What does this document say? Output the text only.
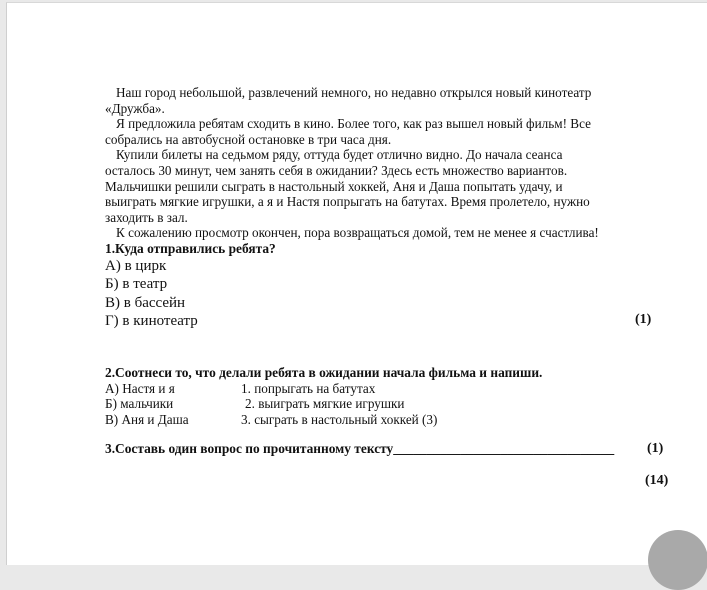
Наш город небольшой, развлечений немного, но недавно открылся новый кинотеатр

«Дружба».

Я предложила ребятам сходить в кино. Более того, как раз вышел новый фильм! Все

собрались на автобусной остановке в три часа дня.

Купили билеты на седьмом ряду, оттуда будет отлично видно. До начала сеанса

осталось 30 минут, чем занять себя в ожидании? Здесь есть множество вариантов.

Мальчишки решили сыграть в настольный хоккей, Аня и Даша попытать удачу, и

выиграть мягкие игрушки, а я и Настя попрыгать на батутах. Время пролетело, нужно

заходить в зал.

К сожалению просмотр окончен, пора возвращаться домой, тем не менее я счастлива!

1.Куда отправились ребята?

А) в цирк

Б) в театр

В) в бассейн

Г) в кинотеатр	(1)

2.Соотнеси то, что делали ребята в ожидании начала фильма и напиши.

А) Настя и я	1. попрыгать на батутах
Б) мальчики	2. выиграть мягкие игрушки
В) Аня и Даша	3. сыграть в настольный хоккей (3)
3.Составь один вопрос по прочитанному тексту_________________________________ (1)
(14)
